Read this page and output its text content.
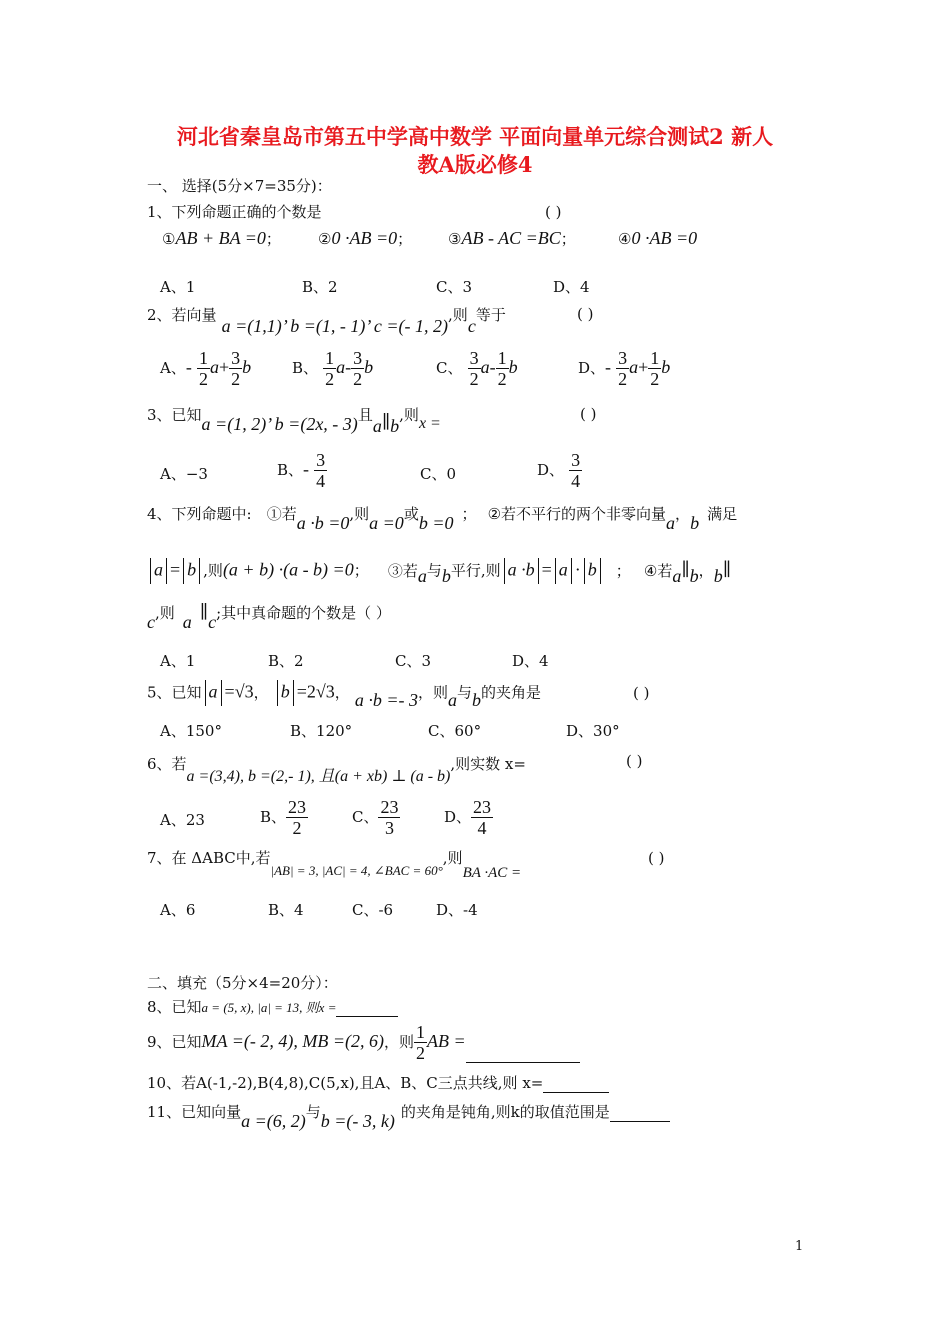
河北省秦皇岛市第五中学高中数学 平面向量单元综合测试2 新人
教A版必修4
一、 选择(5分×7=35分)：
1、下列命题正确的个数是	( )
①AB + BA =0； ②0 ·AB =0； ③AB - AC =BC；	④0 ·AB =0
A、1	B、2	C、3	D、4
2、若向量 a =(1,1)’ b =(1, - 1)’ c =(- 1, 2),则c等于	( )
A、- $\frac{1}{2} a+ \frac{3}{2}$ b	B、 $\frac{1}{2} a- \frac{3}{2}$ b	C、 $\frac{3}{2} a- \frac{1}{2}$ b	D、- $\frac{3}{2} a+ \frac{1}{2}$ b
3、已知a =(1, 2)’ b =(2x, - 3)且a∥b,则x =
( )
A、−3	B、- $\frac{3}{4}$	C、0	D、 $\frac{3}{4}$
4、下列命题中: ①若a ·b =0,则a =0或b =0 ； ②若不平行的两个非零向量a，b 满足
a = b ,则(a + b) ·(a - b) =0； ③若a与b平行,则 a ·b = a · b ； ④若a∥b，b∥
c,则 a ∥c;其中真命题的个数是（ ）
A、1	B、2	C、3	D、4
5、已知 a =√3， b =2√3， a ·b =- 3，则a与b的夹角是	( )
A、150°	B、120°	C、60°	D、30°
6、若a =(3,4), b =(2,- 1), 且(a + xb) ⊥ (a - b),则实数 x=	( )
A、23	B、 $\frac{23}{2}$	C、 $\frac{23}{3}$	D、 $\frac{23}{4}$
7、在 ΔABC中,若$_{|AB| = 3, |AC| = 4, \angle BAC = 60^\circ}$,则BA ·AC =
( )
A、6	B、4	C、-6	D、-4
二、填充（5分×4=20分）：
8、已知a = (5, x), |a| = 13, 则x =
9、已知MA =(- 2, 4), MB =(2, 6)，则 $\frac{1}{2}$ AB =
10、若A(-1,-2),B(4,8),C(5,x),且A、B、C三点共线,则 x=
11、已知向量a =(6, 2)与b =(- 3, k) 的夹角是钝角,则k的取值范围是
1
